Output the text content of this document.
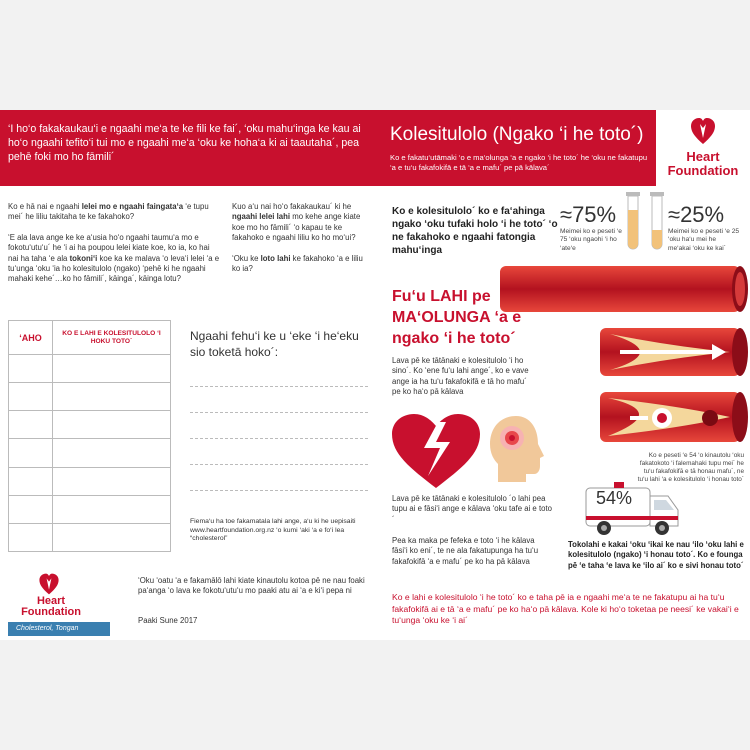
‘I ho‘o fakakaukau‘i e ngaahi me‘a te ke fili ke fai´, ‘oku mahu‘inga ke kau ai ho‘o ngaahi tefito‘i tui mo e ngaahi me‘a ‘oku ke hoha‘a ki ai taautaha´, pea pehē foki mo ho fāmili´
Kolesitulolo (Ngako ‘i he toto´)
Ko e fakatu‘utāmaki ‘o e ma‘olunga ‘a e ngako ‘i he toto´ he ‘oku ne fakatupu ‘a e tu‘u fakafokifā e tā ‘a e mafu´ pe pā kālava´
Heart
Foundation

Ko e hā nai e ngaahi lelei mo e ngaahi faingata‘a ‘e tupu mei´ he liliu takitaha te ke fakahoko?

‘E ala lava ange ke ke a‘usia ho‘o ngaahi taumu‘a mo e fokotu‘utu‘u´ he ‘i ai ha poupou lelei kiate koe, ko ia, ko hai nai ha taha ‘e ala tokoni‘i koe ka ke malava ‘o leva‘i lelei ‘a e tu‘unga ‘oku ‘ia ho kolesitulolo (ngako) ‘pehē ki he ngaahi mahaki kehe´…ko ho fāmili´, kāinga´, kāinga lotu?

Kuo a‘u nai ho‘o fakakaukau´ ki he ngaahi lelei lahi mo kehe ange kiate koe mo ho fāmili´ ‘o kapau te ke fakahoko e ngaahi liliu ko ho mo‘ui?

‘Oku ke loto lahi ke fakahoko ‘a e liliu ko ia?

‘AHO	KO E LAHI E KOLESITULOLO ‘I HOKU TOTO´

		Ngaahi fehu‘i ke u ‘eke ‘i he‘eku sio toketā hoko´:
Fiema‘u ha toe fakamatala lahi ange, a‘u ki he uepisaiti www.heartfoundation.org.nz ‘o kumi ‘aki ‘a e fo‘i lea “cholesterol”
Heart
Foundation
Cholesterol, Tongan
‘Oku ‘oatu ‘a e fakamālō lahi kiate kinautolu kotoa pē ne nau foaki pa‘anga ‘o lava ke fokotu‘utu‘u mo paaki atu ai ‘a e ki‘i pepa ni
Paaki Sune 2017
Ko e kolesitulolo´ ko e fa‘ahinga ngako ‘oku tufaki holo ‘i he toto´ ‘o ne fakahoko e ngaahi fatongia mahu‘inga
≈75%
Meimei ko e peseti ‘e 75 ‘oku ngaohi ‘i ho ‘ate‘e
≈25%
Meimei ko e peseti ‘e 25 ‘oku ha‘u mei he me‘akai ‘oku ke kai´
Fu‘u LAHI pe MA‘OLUNGA ‘a e ngako ‘i he toto´
Lava pē ke tātānaki e kolesitulolo ‘i ho sino´. Ko ‘ene fu‘u lahi ange´, ko e vave ange ia ha tu‘u fakafokifā e tā ho mafu´ pe ko ha‘o pā kālava
Lava pē ke tātānaki e kolesitulolo ´o lahi pea tupu ai e fāsi‘i ange e kālava ‘oku tafe ai e toto´
Pea ka maka pe fefeka e toto ‘i he kālava fāsi‘i ko eni´, te ne ala fakatupunga ha tu‘u fakafokifā ‘a e mafu´ pe ko ha pā kālava
54%
Ko e peseti ‘e 54 ‘o kinautolu ‘oku fakatokoto ‘i falemahaki tupu mei´ he tu‘u fakafokifā e tā honau mafu´, ne tu‘u lahi ‘a e kolesitulolo ‘i honau toto´
Tokolahi e kakai ‘oku ‘ikai ke nau ‘ilo ‘oku lahi e kolesitulolo (ngako) ‘i honau toto´. Ko e founga pē ‘e taha ‘e lava ke ‘ilo ai´ ko e sivi honau toto´
Ko e lahi e kolesitulolo ‘i he toto´ ko e taha pē ia e ngaahi me‘a te ne fakatupu ai ha tu‘u fakafokifā ai e tā ‘a e mafu´ pe ko ha‘o pā kālava. Kole ki ho‘o toketaa pe neesi´ ke vakai‘i e tu‘unga ‘oku ke ‘i ai´
